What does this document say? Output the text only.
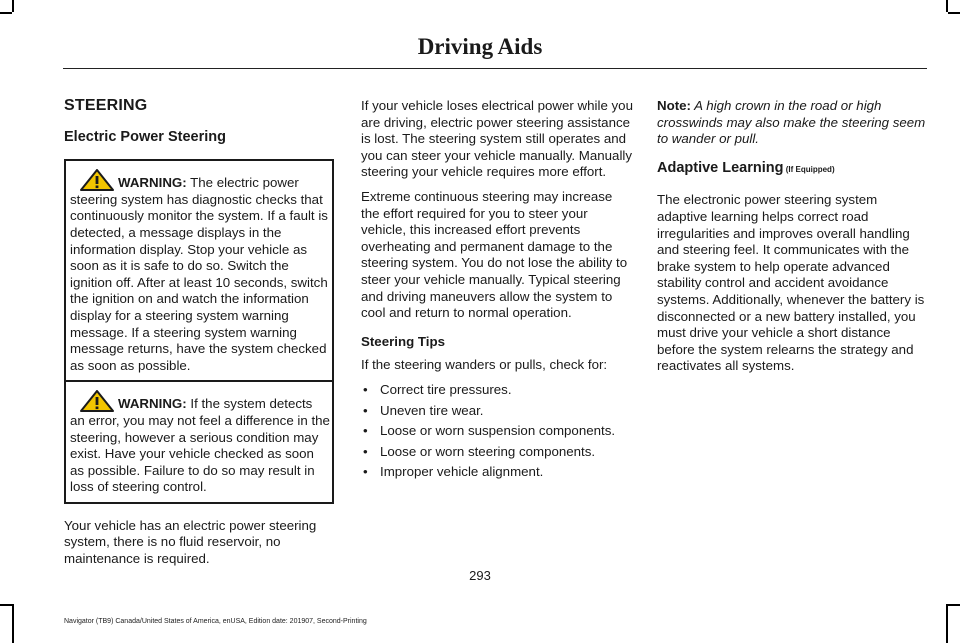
Driving Aids
STEERING
Electric Power Steering
WARNING: The electric power steering system has diagnostic checks that continuously monitor the system. If a fault is detected, a message displays in the information display. Stop your vehicle as soon as it is safe to do so. Switch the ignition off. After at least 10 seconds, switch the ignition on and watch the information display for a steering system warning message. If a steering system warning message returns, have the system checked as soon as possible.
WARNING: If the system detects an error, you may not feel a difference in the steering, however a serious condition may exist. Have your vehicle checked as soon as possible. Failure to do so may result in loss of steering control.

Your vehicle has an electric power steering system, there is no fluid reservoir, no maintenance is required.

If your vehicle loses electrical power while you are driving, electric power steering assistance is lost. The steering system still operates and you can steer your vehicle manually. Manually steering your vehicle requires more effort.

Extreme continuous steering may increase the effort required for you to steer your vehicle, this increased effort prevents overheating and permanent damage to the steering system. You do not lose the ability to steer your vehicle manually. Typical steering and driving maneuvers allow the system to cool and return to normal operation.

Steering Tips

If the steering wanders or pulls, check for:

• Correct tire pressures.
• Uneven tire wear.
• Loose or worn suspension components.
• Loose or worn steering components.
• Improper vehicle alignment.

Note: A high crown in the road or high crosswinds may also make the steering seem to wander or pull.

Adaptive Learning (If Equipped)

The electronic power steering system adaptive learning helps correct road irregularities and improves overall handling and steering feel. It communicates with the brake system to help operate advanced stability control and accident avoidance systems. Additionally, whenever the battery is disconnected or a new battery installed, you must drive your vehicle a short distance before the system relearns the strategy and reactivates all systems.

293
Navigator (TB9) Canada/United States of America, enUSA, Edition date: 201907, Second-Printing
